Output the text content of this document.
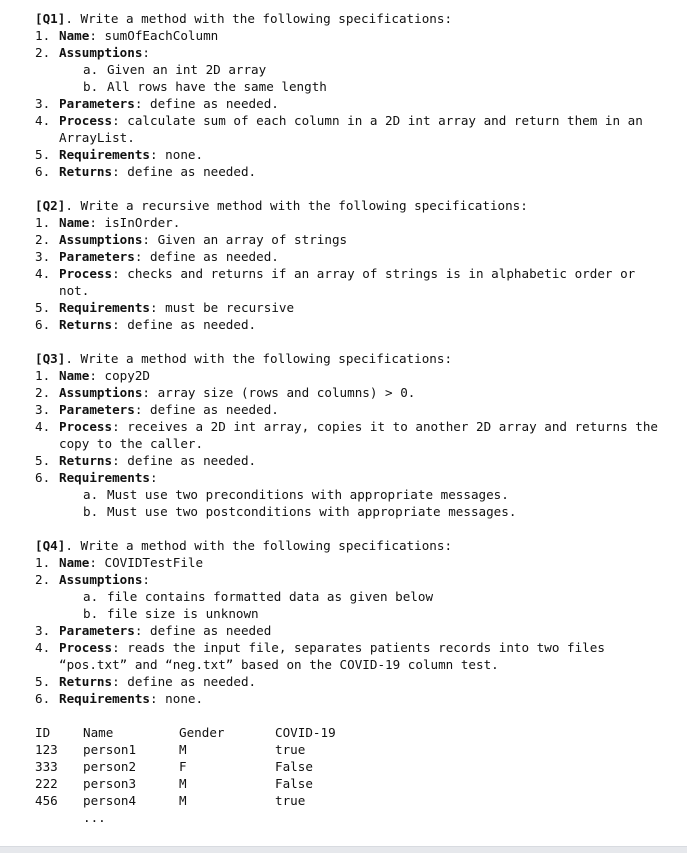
[Q1]. Write a method with the following specifications:
1. Name: sumOfEachColumn
2. Assumptions:
a. Given an int 2D array
b. All rows have the same length
3. Parameters: define as needed.
4. Process: calculate sum of each column in a 2D int array and return them in an ArrayList.
5. Requirements: none.
6. Returns: define as needed.
[Q2]. Write a recursive method with the following specifications:
1. Name: isInOrder.
2. Assumptions: Given an array of strings
3. Parameters: define as needed.
4. Process: checks and returns if an array of strings is in alphabetic order or not.
5. Requirements: must be recursive
6. Returns: define as needed.
[Q3]. Write a method with the following specifications:
1. Name: copy2D
2. Assumptions: array size (rows and columns) > 0.
3. Parameters: define as needed.
4. Process: receives a 2D int array, copies it to another 2D array and returns the copy to the caller.
5. Returns: define as needed.
6. Requirements:
a. Must use two preconditions with appropriate messages.
b. Must use two postconditions with appropriate messages.
[Q4]. Write a method with the following specifications:
1. Name: COVIDTestFile
2. Assumptions:
a. file contains formatted data as given below
b. file size is unknown
3. Parameters: define as needed
4. Process: reads the input file, separates patients records into two files “pos.txt” and “neg.txt” based on the COVID-19 column test.
5. Returns: define as needed.
6. Requirements: none.
ID	Name	Gender	COVID-19
123	person1	M	true
333	person2	F	False
222	person3	M	False
456	person4	M	true
...
